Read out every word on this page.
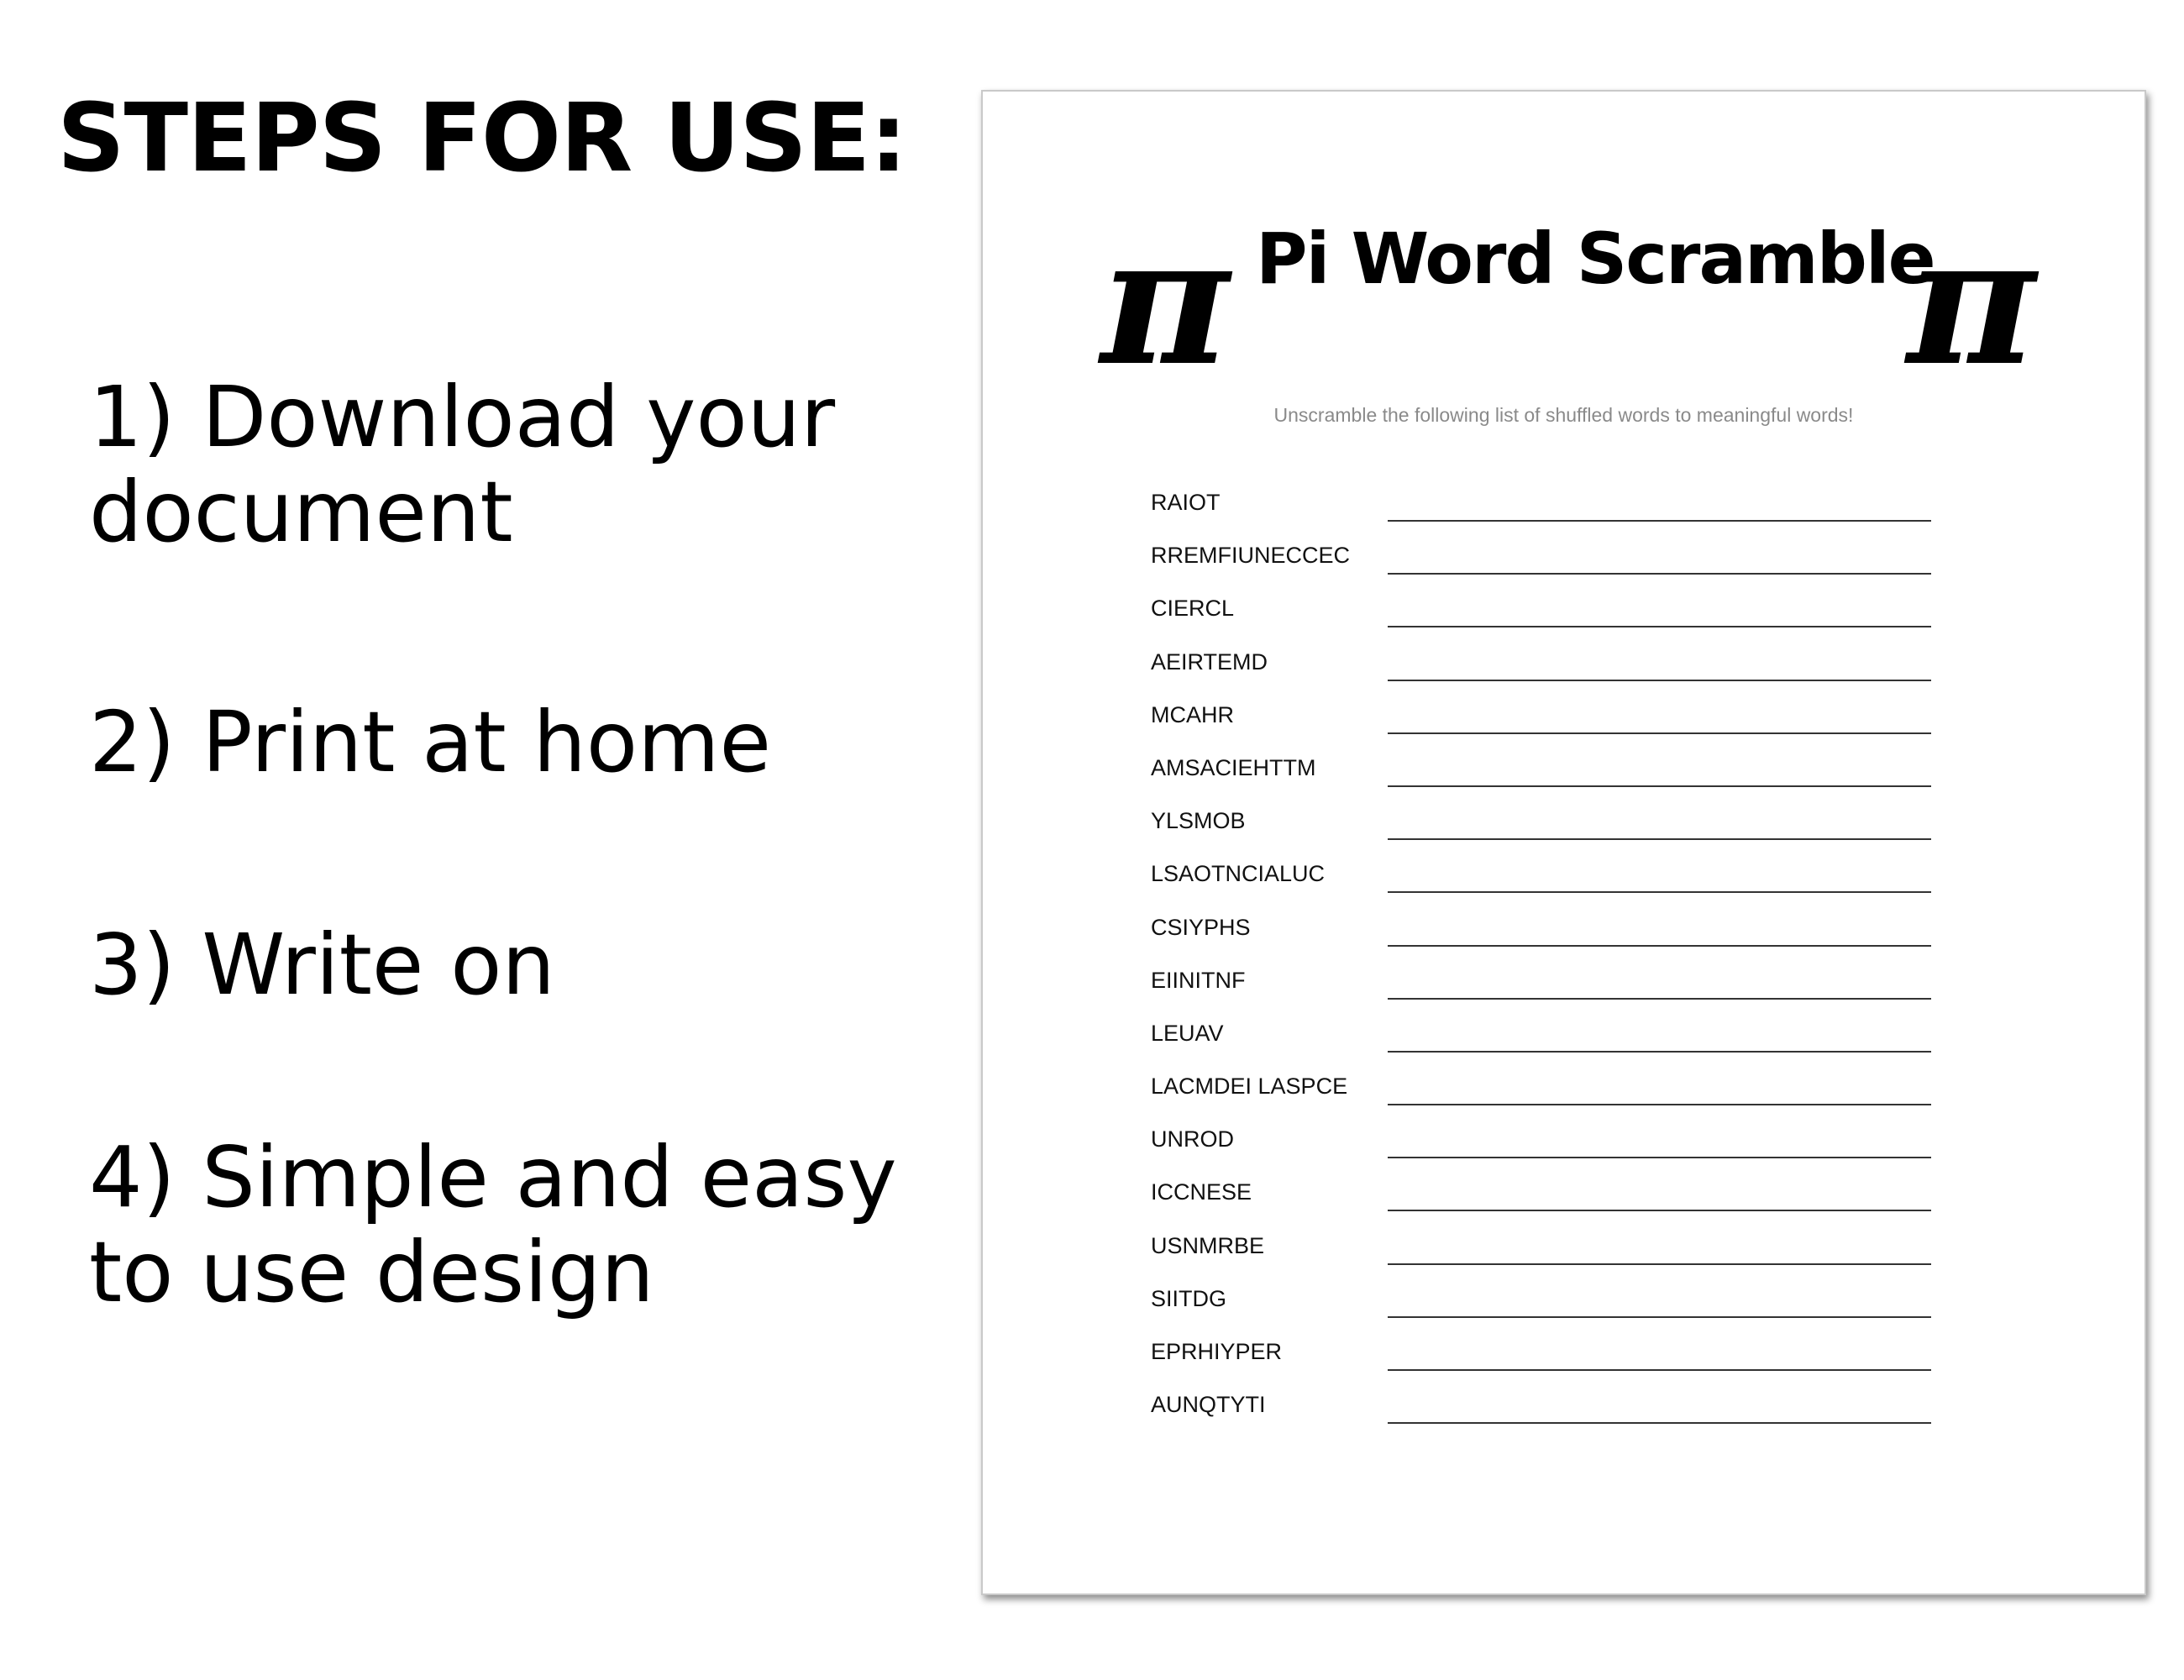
STEPS FOR USE:
1) Download your document
2) Print at home
3) Write on
4) Simple and easy to use design
π Pi Word Scramble
π
Unscramble the following list of shuffled words to meaningful words!
RAIOT
RREMFIUNECCEC
CIERCL
AEIRTEMD
MCAHR
AMSACIEHTTM
YLSMOB
LSAOTNCIALUC
CSIYPHS
EIINITNF
LEUAV
LACMDEI LASPCE
UNROD
ICCNESE
USNMRBE
SIITDG
EPRHIYPER
AUNQTYTI
